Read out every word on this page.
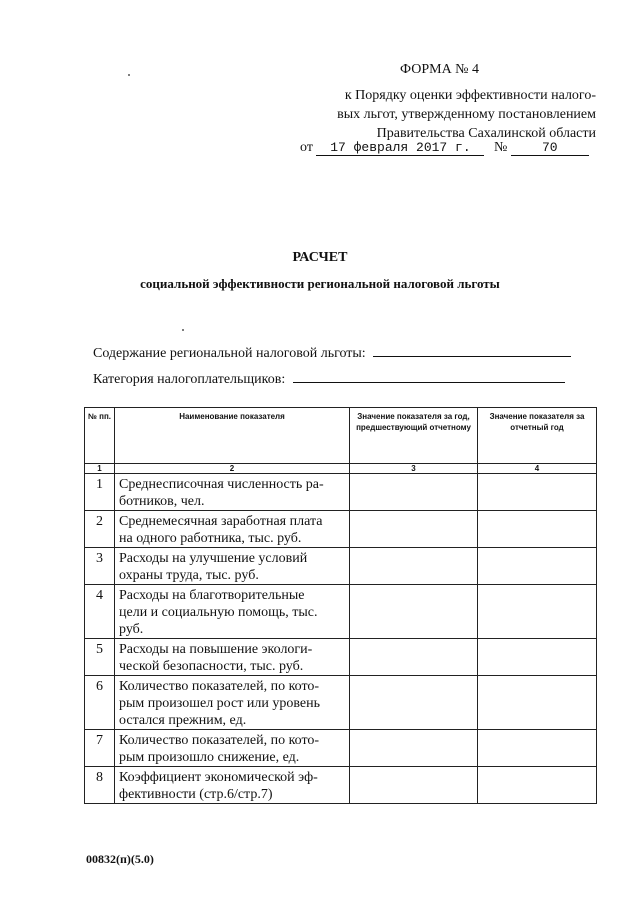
ФОРМА № 4
к Порядку оценки эффективности налого-
вых льгот, утвержденному постановлением
Правительства Сахалинской области
от 17 февраля 2017 г. №	70
РАСЧЕТ
социальной эффективности региональной налоговой льготы
Содержание региональной налоговой льготы:
Категория налогоплательщиков:
№ пп.	Наименование показателя	Значение показателя за год, предшествующий отчетному	Значение показателя за отчетный год
1	2	3	4
1	Среднесписочная численность ра-
ботников, чел.		

2	Среднемесячная заработная плата
на одного работника, тыс. руб.		

3	Расходы на улучшение условий
охраны труда, тыс. руб.		

4	Расходы на благотворительные
цели и социальную помощь, тыс.
руб.		

5	Расходы на повышение экологи-
ческой безопасности, тыс. руб.		

6	Количество показателей, по кото-
рым произошел рост или уровень
остался прежним, ед.		

7	Количество показателей, по кото-
рым произошло снижение, ед.		

8	Коэффициент экономической эф-
фективности (стр.6/стр.7)		

00832(п)(5.0)
